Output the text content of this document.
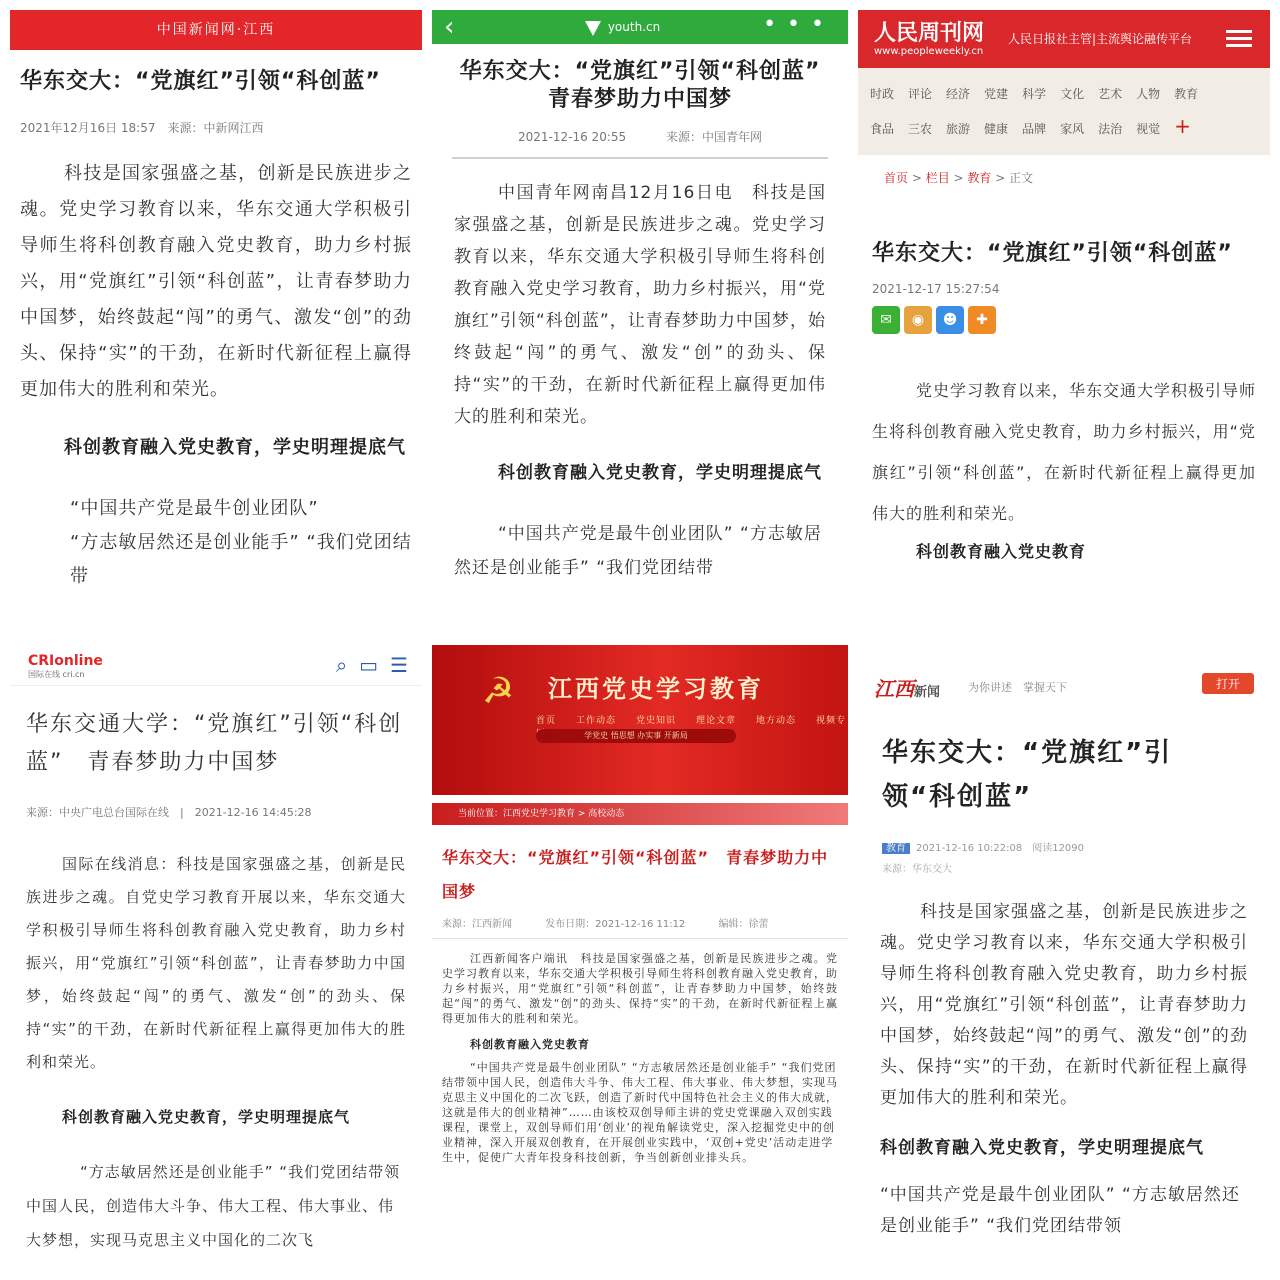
中国新闻网·江西
华东交大：“党旗红”引领“科创蓝”
2021年12月16日 18:57　来源：中新网江西

科技是国家强盛之基，创新是民族进步之魂。党史学习教育以来，华东交通大学积极引导师生将科创教育融入党史教育，助力乡村振兴，用“党旗红”引领“科创蓝”，让青春梦助力中国梦，始终鼓起“闯”的勇气、激发“创”的劲头、保持“实”的干劲，在新时代新征程上赢得更加伟大的胜利和荣光。

科创教育融入党史教育，学史明理提底气

“中国共产党是最牛创业团队”

“方志敏居然还是创业能手” “我们党团结带

‹	youth.cn	• • •
华东交大：“党旗红”引领“科创蓝”　青春梦助力中国梦
2021-12-16 20:55	来源：中国青年网

中国青年网南昌12月16日电　科技是国家强盛之基，创新是民族进步之魂。党史学习教育以来，华东交通大学积极引导师生将科创教育融入党史学习教育，助力乡村振兴，用“党旗红”引领“科创蓝”，让青春梦助力中国梦，始终鼓起“闯”的勇气、激发“创”的劲头、保持“实”的干劲，在新时代新征程上赢得更加伟大的胜利和荣光。

科创教育融入党史教育，学史明理提底气

“中国共产党是最牛创业团队” “方志敏居然还是创业能手” “我们党团结带

人民周刊网
www.peopleweekly.cn
人民日报社主管|主流舆论融传平台
时政 评论 经济 党建 科学 文化 艺术 人物 教育
食品 三农 旅游 健康 品牌 家风 法治 视觉 +
首页 > 栏目 > 教育 > 正文
华东交大：“党旗红”引领“科创蓝”
2021-12-17 15:27:54
✉ ◉ ☻ ✚

党史学习教育以来，华东交通大学积极引导师生将科创教育融入党史教育，助力乡村振兴，用“党旗红”引领“科创蓝”，在新时代新征程上赢得更加伟大的胜利和荣光。

科创教育融入党史教育

CRIonline
国际在线 cri.cn	⌕ ▭ ☰
华东交通大学：“党旗红”引领“科创蓝”　青春梦助力中国梦
来源：中央广电总台国际在线　|　2021-12-16 14:45:28

国际在线消息：科技是国家强盛之基，创新是民族进步之魂。自党史学习教育开展以来，华东交通大学积极引导师生将科创教育融入党史教育，助力乡村振兴，用“党旗红”引领“科创蓝”，让青春梦助力中国梦，始终鼓起“闯”的勇气、激发“创”的劲头、保持“实”的干劲，在新时代新征程上赢得更加伟大的胜利和荣光。

科创教育融入党史教育，学史明理提底气

“方志敏居然还是创业能手” “我们党团结带领中国人民，创造伟大斗争、伟大工程、伟大事业、伟大梦想，实现马克思主义中国化的二次飞

☭ 江西党史学习教育
首页　　工作动态　　党史知识　　理论文章　　地方动态　　视频专
学党史 悟思想 办实事 开新局
当前位置：江西党史学习教育 > 高校动态
华东交大：“党旗红”引领“科创蓝”　青春梦助力中国梦
来源：江西新闻	发布日期：2021-12-16 11:12	编辑：徐蕾

江西新闻客户端讯　科技是国家强盛之基，创新是民族进步之魂。党史学习教育以来，华东交通大学积极引导师生将科创教育融入党史教育，助力乡村振兴，用“党旗红”引领“科创蓝”，让青春梦助力中国梦，始终鼓起“闯”的勇气、激发“创”的劲头、保持“实”的干劲，在新时代新征程上赢得更加伟大的胜利和荣光。

科创教育融入党史教育

“中国共产党是最牛创业团队” “方志敏居然还是创业能手” “我们党团结带领中国人民，创造伟大斗争、伟大工程、伟大事业、伟大梦想，实现马克思主义中国化的二次飞跃，创造了新时代中国特色社会主义的伟大成就，这就是伟大的创业精神”……由该校双创导师主讲的党史党课融入双创实践课程，课堂上，双创导师们用‘创业’的视角解读党史，深入挖掘党史中的创业精神，深入开展双创教育，在开展创业实践中，‘双创+党史’活动走进学生中，促使广大青年投身科技创新，争当创新创业排头兵。

江西新闻	为你讲述　掌握天下	打开
华东交大：“党旗红”引领“科创蓝”
教育 2021-12-16 10:22:08　阅读12090
来源：华东交大

科技是国家强盛之基，创新是民族进步之魂。党史学习教育以来，华东交通大学积极引导师生将科创教育融入党史教育，助力乡村振兴，用“党旗红”引领“科创蓝”，让青春梦助力中国梦，始终鼓起“闯”的勇气、激发“创”的劲头、保持“实”的干劲，在新时代新征程上赢得更加伟大的胜利和荣光。

科创教育融入党史教育，学史明理提底气

“中国共产党是最牛创业团队” “方志敏居然还是创业能手” “我们党团结带领
